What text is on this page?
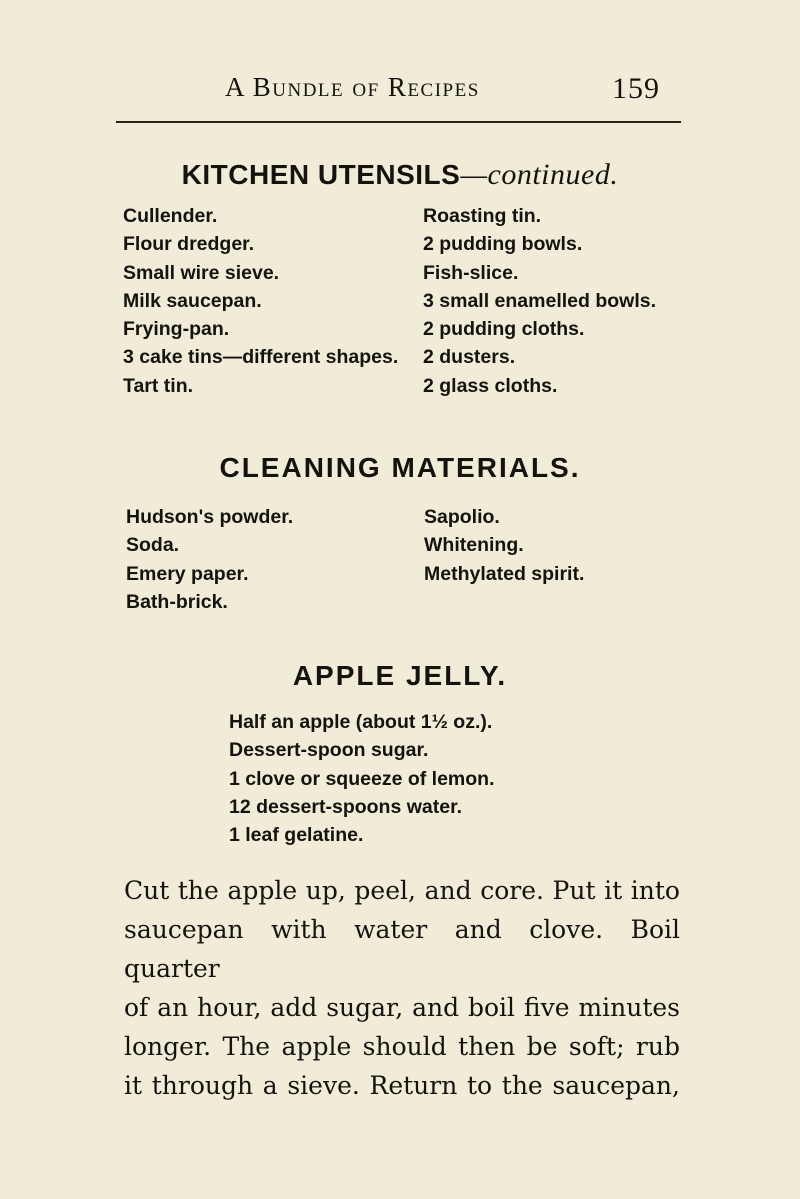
A Bundle of Recipes	159
KITCHEN UTENSILS—continued.
Cullender.
Flour dredger.
Small wire sieve.
Milk saucepan.
Frying-pan.
3 cake tins—different shapes.
Tart tin.
Roasting tin.
2 pudding bowls.
Fish-slice.
3 small enamelled bowls.
2 pudding cloths.
2 dusters.
2 glass cloths.
CLEANING MATERIALS.
Hudson's powder.
Soda.
Emery paper.
Bath-brick.
Sapolio.
Whitening.
Methylated spirit.
APPLE JELLY.
Half an apple (about 1½ oz.).
Dessert-spoon sugar.
1 clove or squeeze of lemon.
12 dessert-spoons water.
1 leaf gelatine.
Cut the apple up, peel, and core. Put it into
saucepan with water and clove. Boil quarter
of an hour, add sugar, and boil five minutes
longer. The apple should then be soft; rub
it through a sieve. Return to the saucepan,
